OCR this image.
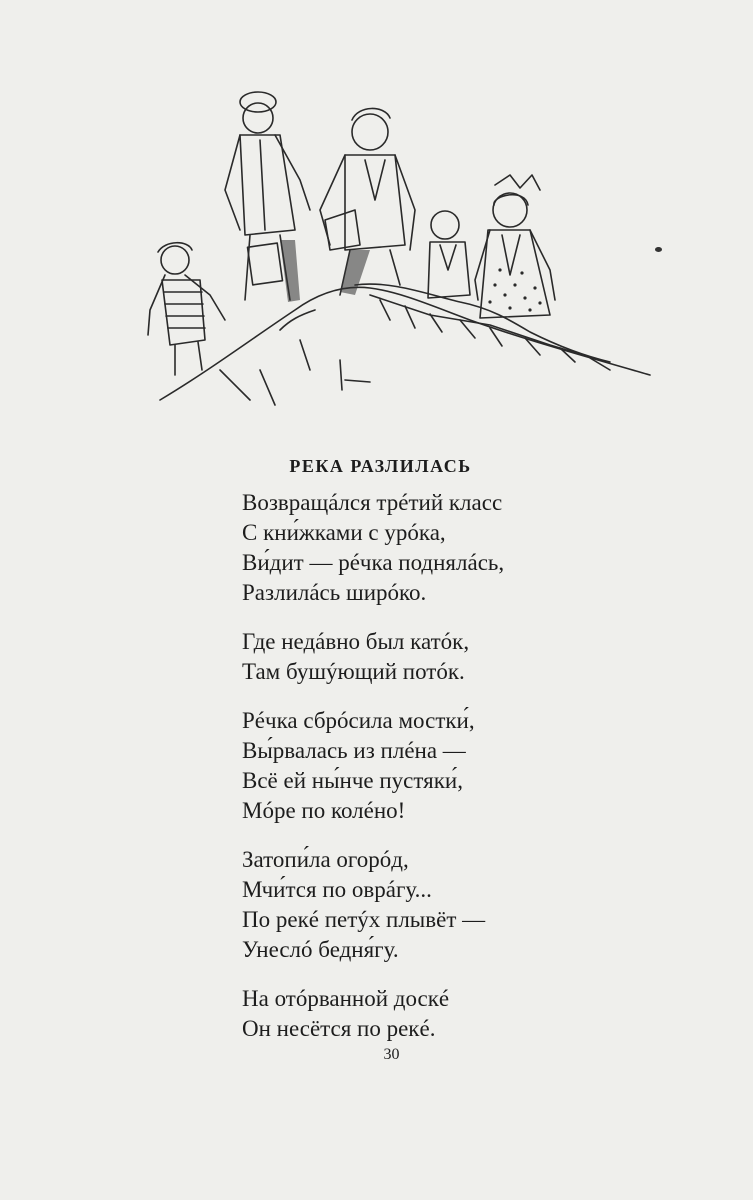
РЕКА РАЗЛИЛАСЬ
Возвращáлся трéтий класс
С кни́жками с урóка,
Ви́дит — рéчка поднялáсь,
Разлилáсь ширóко.
Где недáвно был катóк,
Там бушýющий потóк.
Рéчка сбрóсила мостки́,
Вы́рвалась из плéна —
Всё ей ны́нче пустяки́,
Мóре по колéно!
Затопи́ла огорóд,
Мчи́тся по оврáгу...
По рекé петýх плывёт —
Унеслó бедня́гу.
На отóрванной доскé
Он несётся по рекé.
30
